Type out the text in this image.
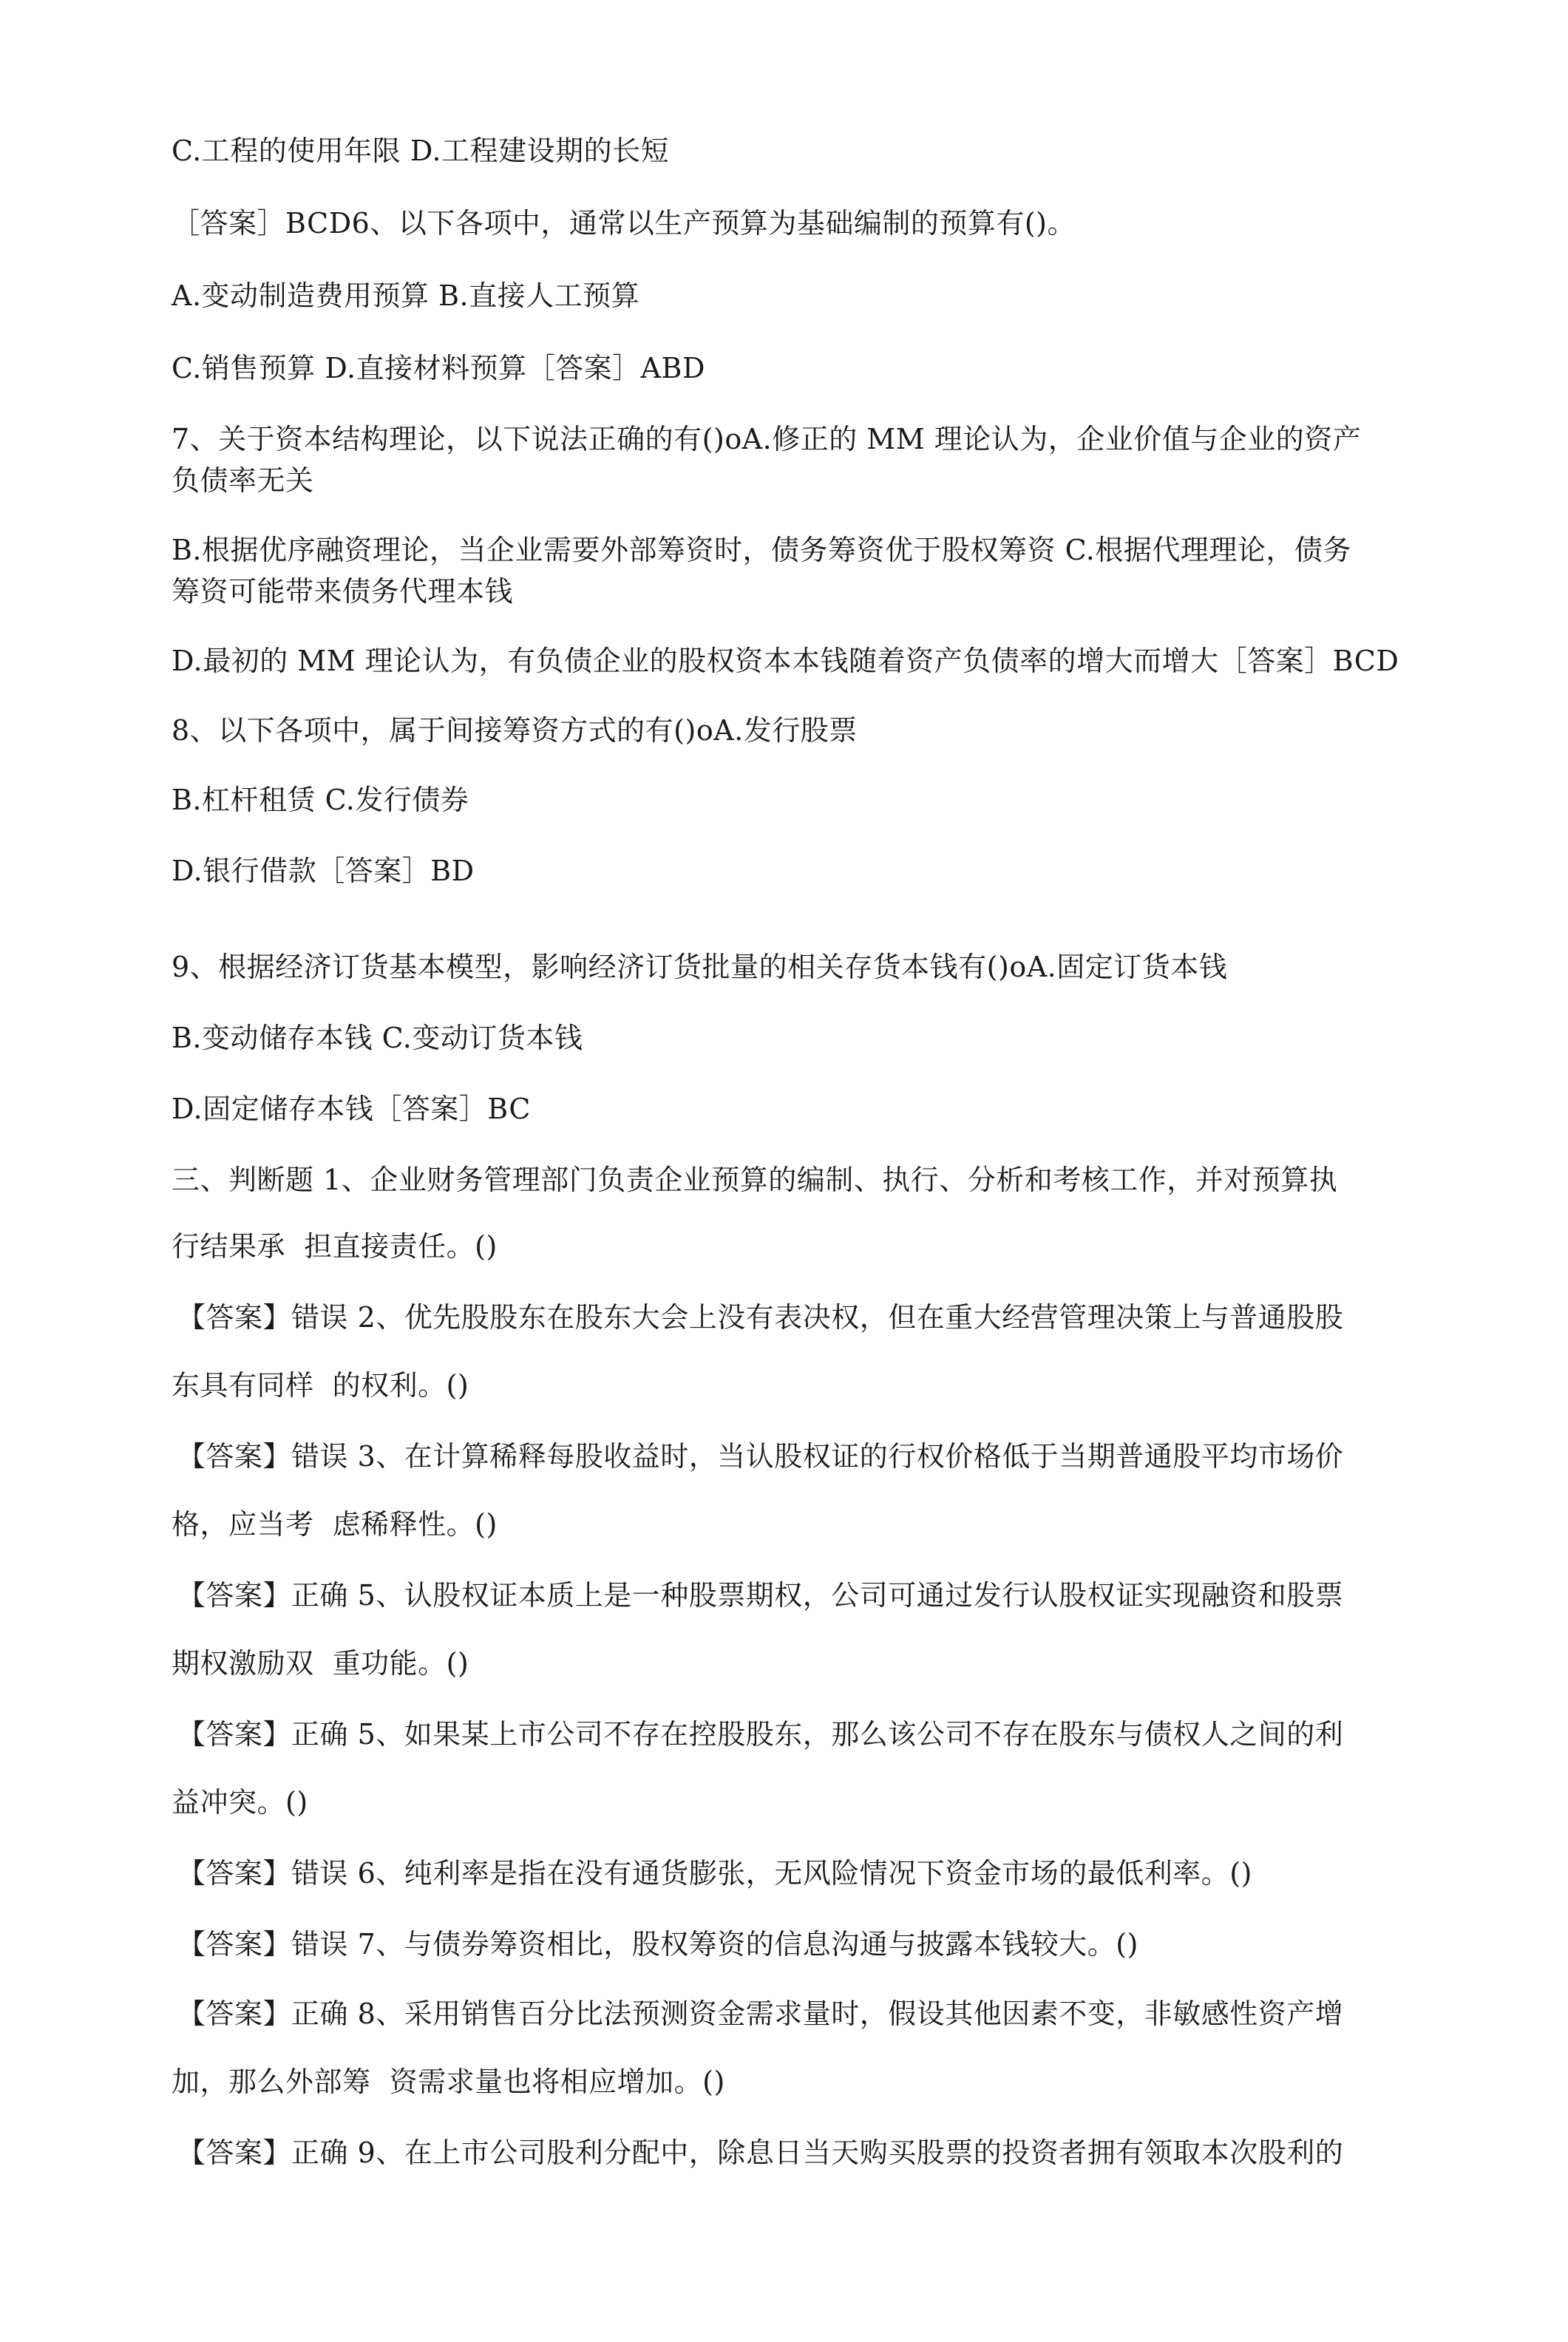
C.工程的使用年限 D.工程建设期的长短

［答案］BCD6、以下各项中，通常以生产预算为基础编制的预算有()。

A.变动制造费用预算 B.直接人工预算

C.销售预算 D.直接材料预算［答案］ABD

7、关于资本结构理论，以下说法正确的有()oA.修正的 MM 理论认为，企业价值与企业的资产

负债率无关

B.根据优序融资理论，当企业需要外部筹资时，债务筹资优于股权筹资 C.根据代理理论，债务

筹资可能带来债务代理本钱

D.最初的 MM 理论认为，有负债企业的股权资本本钱随着资产负债率的增大而增大［答案］BCD

8、以下各项中，属于间接筹资方式的有()oA.发行股票

B.杠杆租赁 C.发行债券

D.银行借款［答案］BD

9、根据经济订货基本模型，影响经济订货批量的相关存货本钱有()oA.固定订货本钱

B.变动储存本钱 C.变动订货本钱

D.固定储存本钱［答案］BC

三、判断题 1、企业财务管理部门负责企业预算的编制、执行、分析和考核工作，并对预算执

行结果承  担直接责任。()

【答案】错误 2、优先股股东在股东大会上没有表决权，但在重大经营管理决策上与普通股股

东具有同样  的权利。()

【答案】错误 3、在计算稀释每股收益时，当认股权证的行权价格低于当期普通股平均市场价

格，应当考  虑稀释性。()

【答案】正确 5、认股权证本质上是一种股票期权，公司可通过发行认股权证实现融资和股票

期权激励双  重功能。()

【答案】正确 5、如果某上市公司不存在控股股东，那么该公司不存在股东与债权人之间的利

益冲突。()

【答案】错误 6、纯利率是指在没有通货膨张，无风险情况下资金市场的最低利率。()

【答案】错误 7、与债券筹资相比，股权筹资的信息沟通与披露本钱较大。()

【答案】正确 8、采用销售百分比法预测资金需求量时，假设其他因素不变，非敏感性资产增

加，那么外部筹  资需求量也将相应增加。()

【答案】正确 9、在上市公司股利分配中，除息日当天购买股票的投资者拥有领取本次股利的
